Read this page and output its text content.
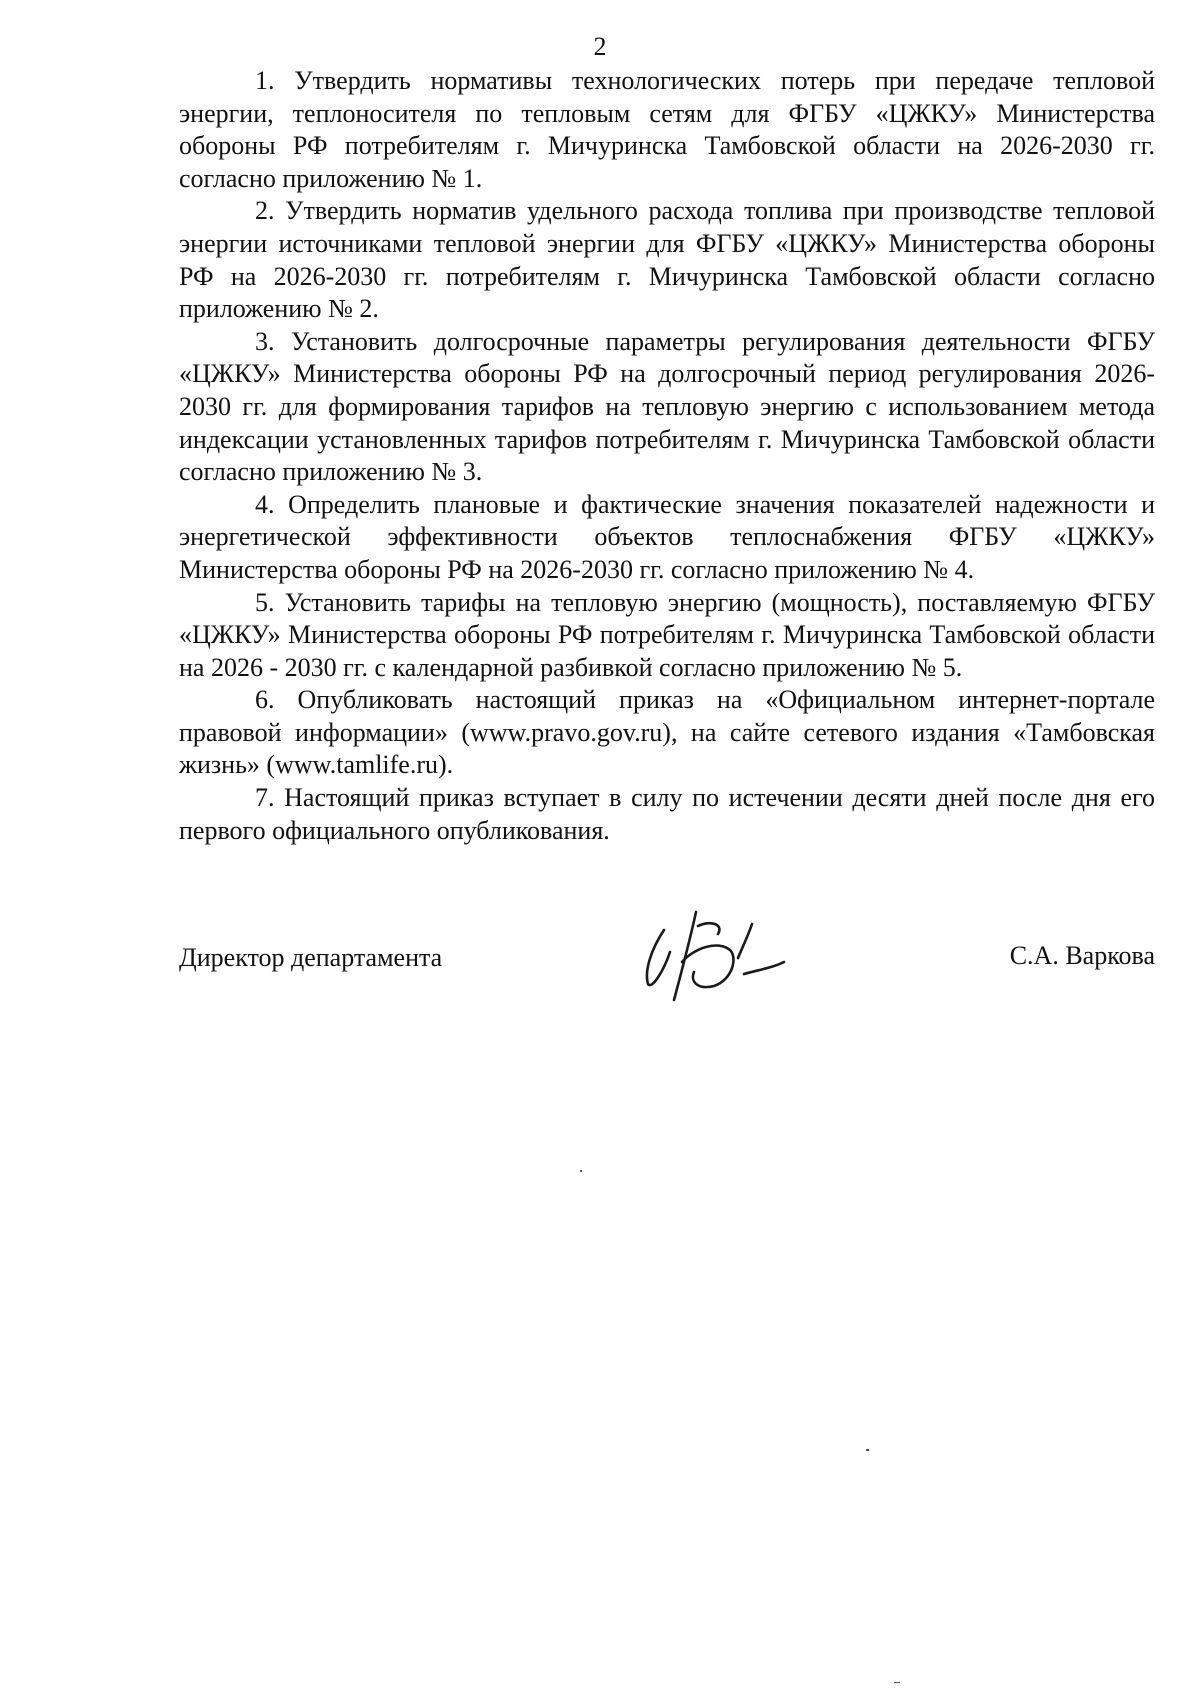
2

1. Утвердить нормативы технологических потерь при передаче тепловой энергии, теплоносителя по тепловым сетям для ФГБУ «ЦЖКУ» Министерства обороны РФ потребителям г. Мичуринска Тамбовской области на 2026-2030 гг. согласно приложению № 1.

2. Утвердить норматив удельного расхода топлива при производстве тепловой энергии источниками тепловой энергии для ФГБУ «ЦЖКУ» Министерства обороны РФ на 2026-2030 гг. потребителям г. Мичуринска Тамбовской области согласно приложению № 2.

3. Установить долгосрочные параметры регулирования деятельности ФГБУ «ЦЖКУ» Министерства обороны РФ на долгосрочный период регулирования 2026-2030 гг. для формирования тарифов на тепловую энергию с использованием метода индексации установленных тарифов потребителям г. Мичуринска Тамбовской области согласно приложению № 3.

4. Определить плановые и фактические значения показателей надежности и энергетической эффективности объектов теплоснабжения ФГБУ «ЦЖКУ» Министерства обороны РФ на 2026-2030 гг. согласно приложению № 4.

5. Установить тарифы на тепловую энергию (мощность), поставляемую ФГБУ «ЦЖКУ» Министерства обороны РФ потребителям г. Мичуринска Тамбовской области на 2026 - 2030 гг. с календарной разбивкой согласно приложению № 5.

6. Опубликовать настоящий приказ на «Официальном интернет-портале правовой информации» (www.pravo.gov.ru), на сайте сетевого издания «Тамбовская жизнь» (www.tamlife.ru).

7. Настоящий приказ вступает в силу по истечении десяти дней после дня его первого официального опубликования.

Директор департамента	С.А. Варкова
